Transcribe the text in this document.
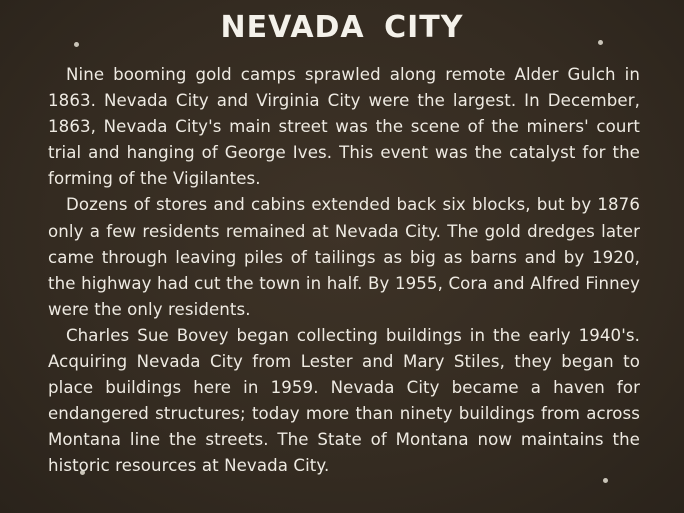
NEVADA CITY

Nine booming gold camps sprawled along remote Alder Gulch in 1863. Nevada City and Virginia City were the largest. In December, 1863, Nevada City's main street was the scene of the miners' court trial and hanging of George Ives. This event was the catalyst for the forming of the Vigilantes.

Dozens of stores and cabins extended back six blocks, but by 1876 only a few residents remained at Nevada City. The gold dredges later came through leaving piles of tailings as big as barns and by 1920, the highway had cut the town in half. By 1955, Cora and Alfred Finney were the only residents.

Charles Sue Bovey began collecting buildings in the early 1940's. Acquiring Nevada City from Lester and Mary Stiles, they began to place buildings here in 1959. Nevada City became a haven for endangered structures; today more than ninety buildings from across Montana line the streets. The State of Montana now maintains the historic resources at Nevada City.
